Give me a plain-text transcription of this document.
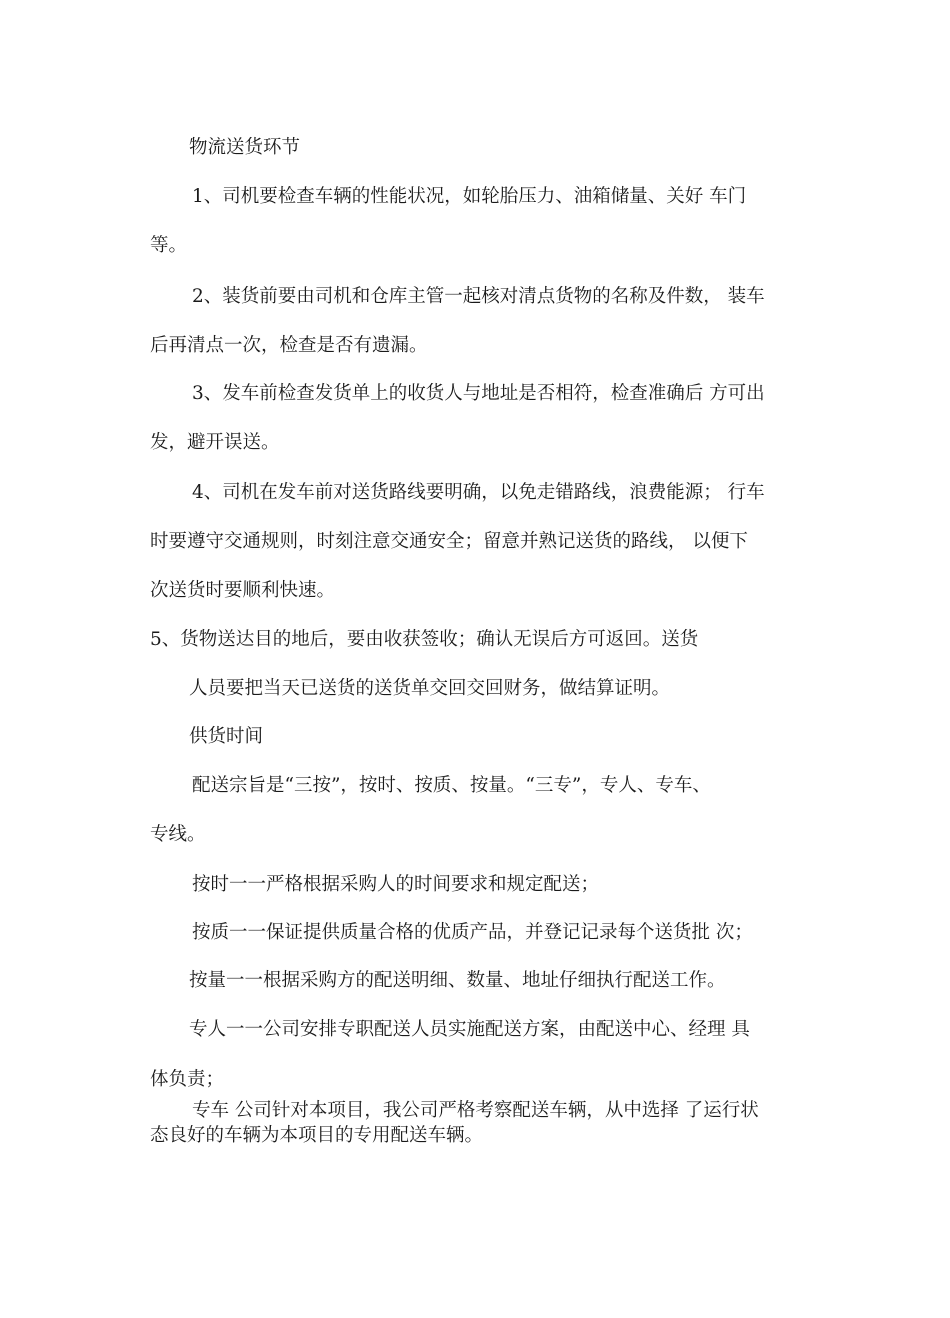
物流送货环节
1、司机要检查车辆的性能状况，如轮胎压力、油箱储量、关好 车门
等。
2、装货前要由司机和仓库主管一起核对清点货物的名称及件数， 装车
后再清点一次，检查是否有遗漏。
3、发车前检查发货单上的收货人与地址是否相符，检查准确后 方可出
发，避开误送。
4、司机在发车前对送货路线要明确，以免走错路线，浪费能源； 行车
时要遵守交通规则，时刻注意交通安全；留意并熟记送货的路线， 以便下
次送货时要顺利快速。
5、货物送达目的地后，要由收获签收；确认无误后方可返回。送货
人员要把当天已送货的送货单交回交回财务，做结算证明。
供货时间
配送宗旨是“三按”，按时、按质、按量。“三专”，专人、专车、
专线。
按时一一严格根据采购人的时间要求和规定配送；
按质一一保证提供质量合格的优质产品，并登记记录每个送货批 次；
按量一一根据采购方的配送明细、数量、地址仔细执行配送工作。
专人一一公司安排专职配送人员实施配送方案，由配送中心、经理 具
体负责；
专车 公司针对本项目，我公司严格考察配送车辆，从中选择 了运行状
态良好的车辆为本项目的专用配送车辆。
